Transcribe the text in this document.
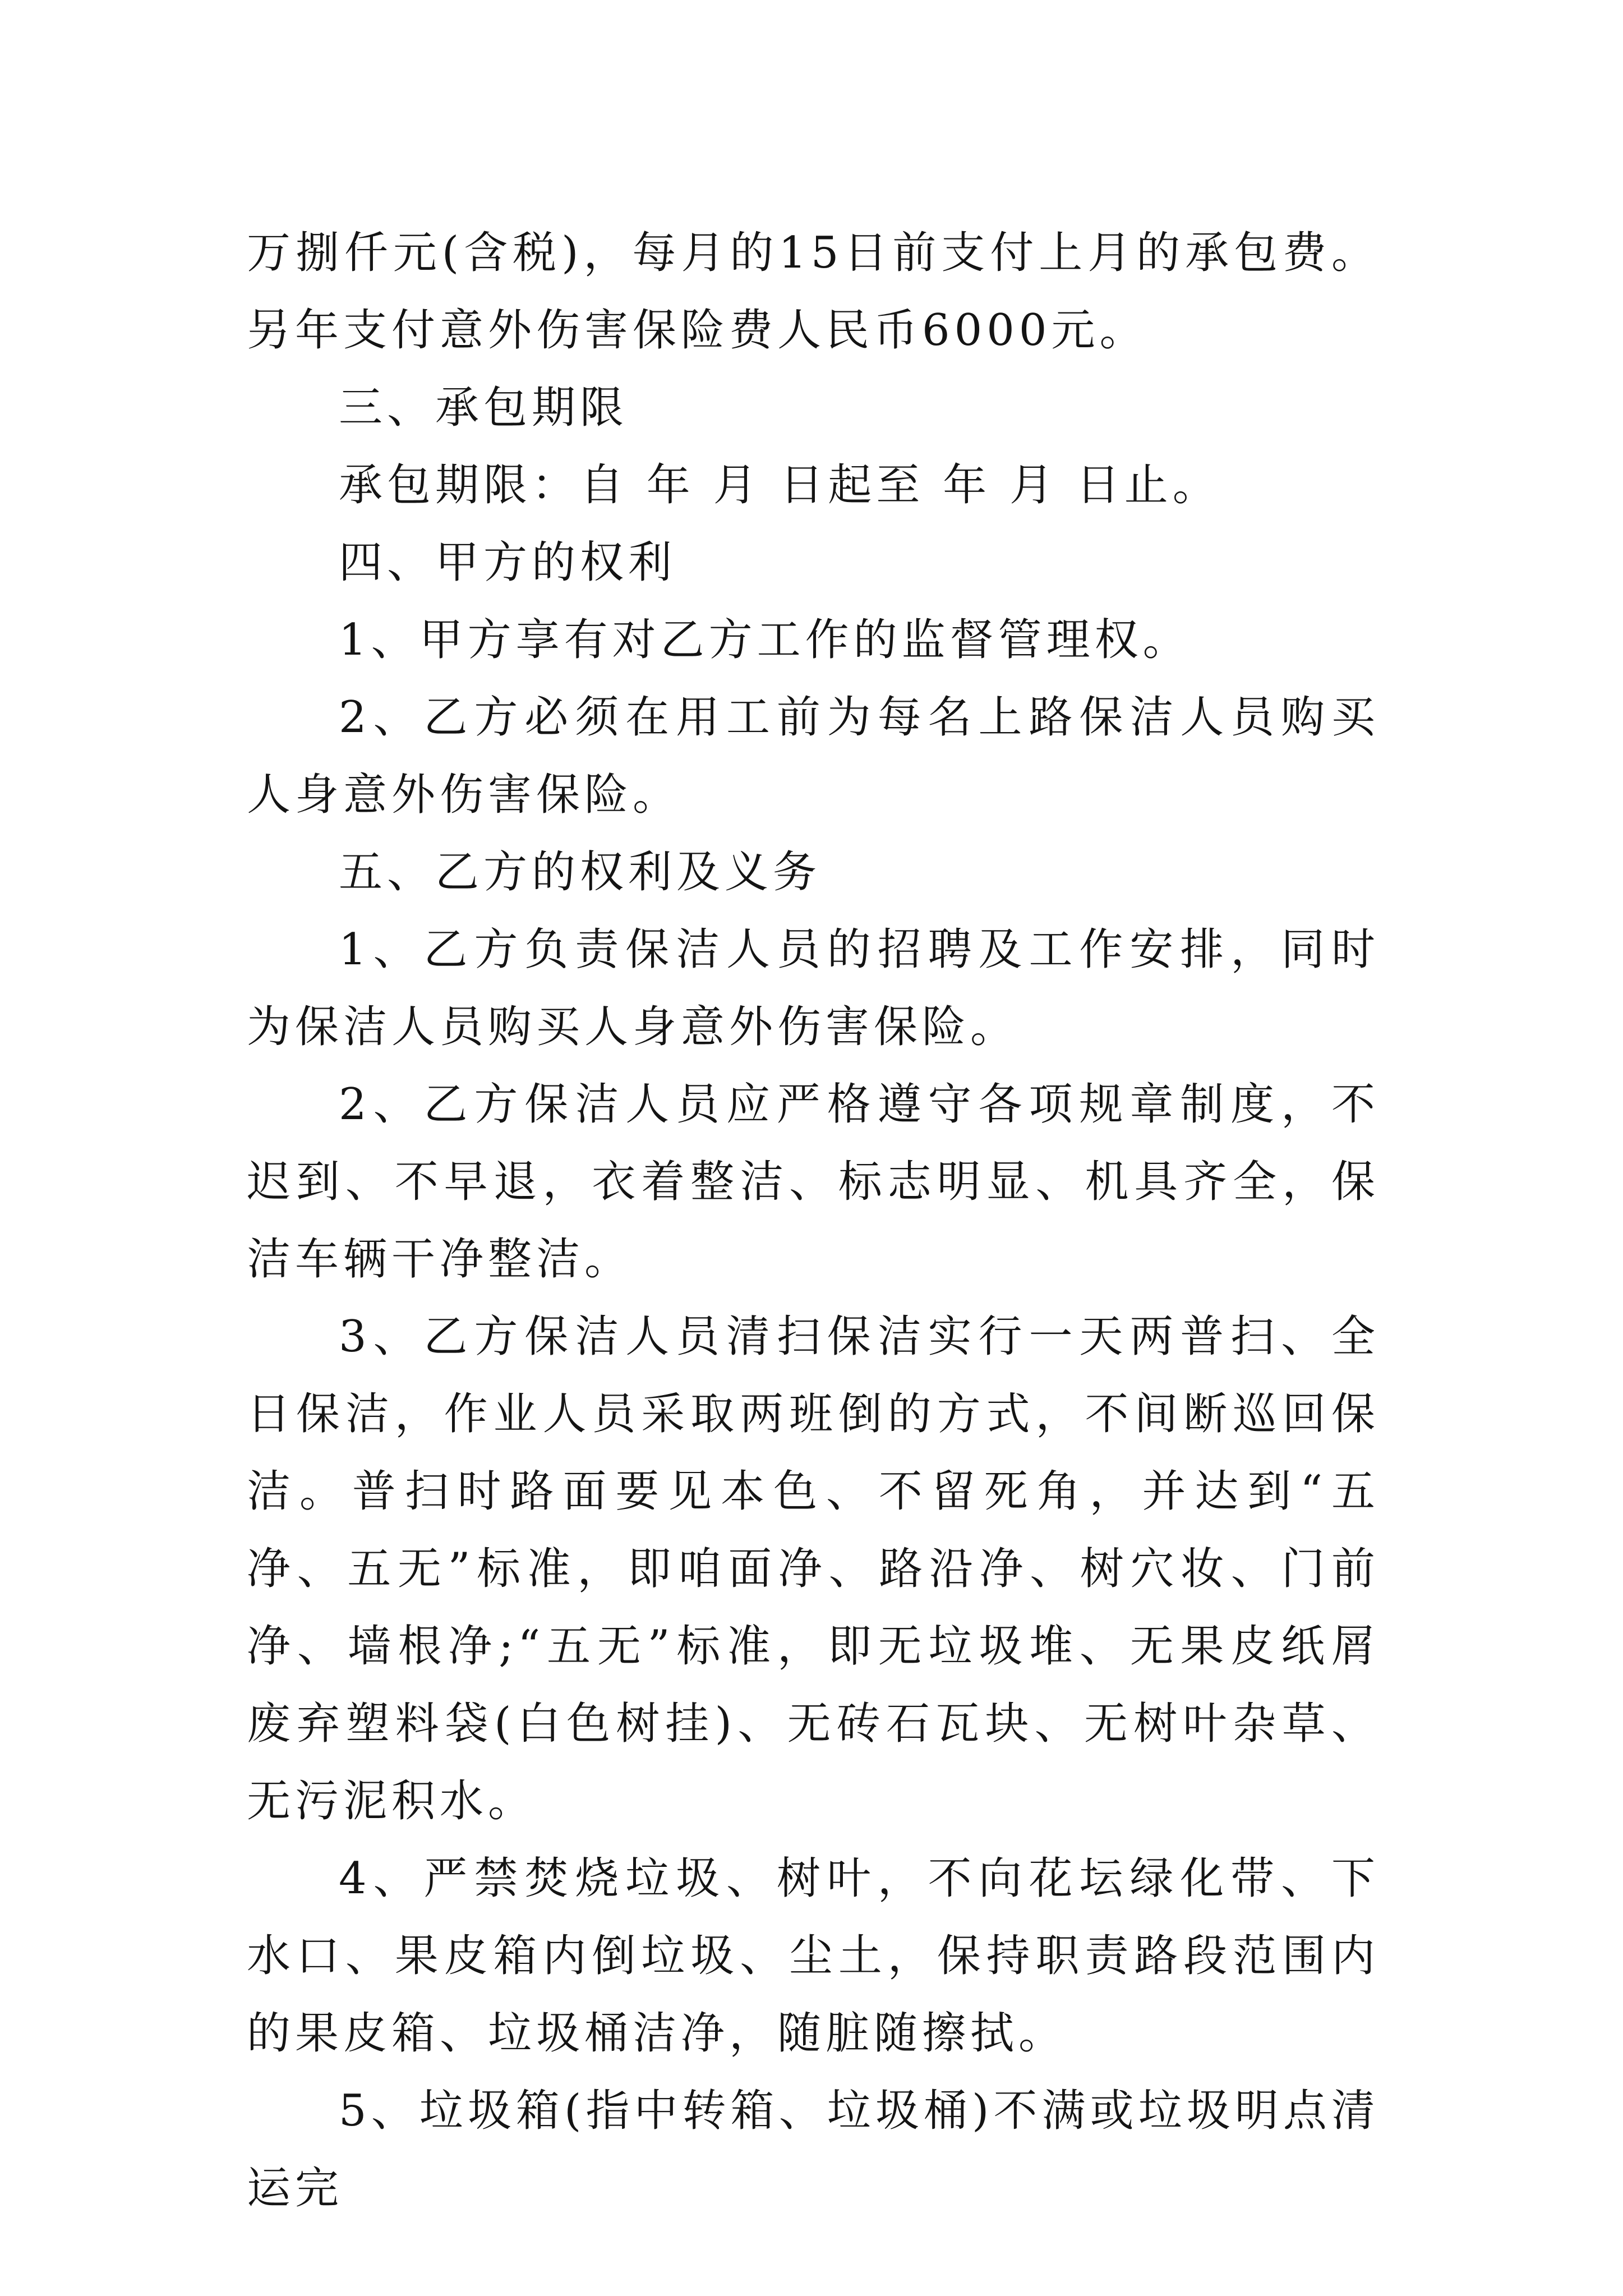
万捌仟元(含税)，每月的15日前支付上月的承包费。另年支付意外伤害保险费人民币6000元。

三、承包期限

承包期限：自 年 月 日起至 年 月 日止。

四、甲方的权利

1、甲方享有对乙方工作的监督管理权。

2、乙方必须在用工前为每名上路保洁人员购买人身意外伤害保险。

五、乙方的权利及义务

1、乙方负责保洁人员的招聘及工作安排，同时为保洁人员购买人身意外伤害保险。

2、乙方保洁人员应严格遵守各项规章制度，不迟到、不早退，衣着整洁、标志明显、机具齐全，保洁车辆干净整洁。

3、乙方保洁人员清扫保洁实行一天两普扫、全日保洁，作业人员采取两班倒的方式，不间断巡回保洁。普扫时路面要见本色、不留死角，并达到“五净、五无”标准，即咱面净、路沿净、树穴妆、门前净、墙根净;“五无”标准，即无垃圾堆、无果皮纸屑废弃塑料袋(白色树挂)、无砖石瓦块、无树叶杂草、无污泥积水。

4、严禁焚烧垃圾、树叶，不向花坛绿化带、下水口、果皮箱内倒垃圾、尘土，保持职责路段范围内的果皮箱、垃圾桶洁净，随脏随擦拭。

5、垃圾箱(指中转箱、垃圾桶)不满或垃圾明点清运完
